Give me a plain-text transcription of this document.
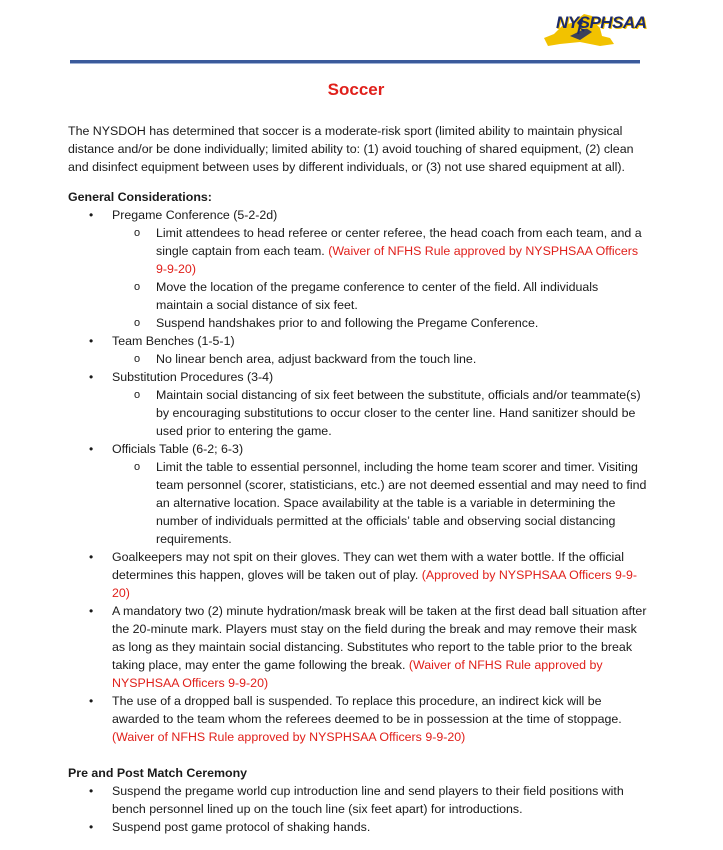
NYSPHSAA
Soccer

The NYSDOH has determined that soccer is a moderate-risk sport (limited ability to maintain physical distance and/or be done individually; limited ability to: (1) avoid touching of shared equipment, (2) clean and disinfect equipment between uses by different individuals, or (3) not use shared equipment at all).

General Considerations:

• Pregame Conference (5-2-2d)
o Limit attendees to head referee or center referee, the head coach from each team, and a single captain from each team. (Waiver of NFHS Rule approved by NYSPHSAA Officers 9-9-20)
o Move the location of the pregame conference to center of the field. All individuals maintain a social distance of six feet.
o Suspend handshakes prior to and following the Pregame Conference.
• Team Benches (1-5-1)
o No linear bench area, adjust backward from the touch line.
• Substitution Procedures (3-4)
o Maintain social distancing of six feet between the substitute, officials and/or teammate(s) by encouraging substitutions to occur closer to the center line. Hand sanitizer should be used prior to entering the game.
• Officials Table (6-2; 6-3)
o Limit the table to essential personnel, including the home team scorer and timer. Visiting team personnel (scorer, statisticians, etc.) are not deemed essential and may need to find an alternative location. Space availability at the table is a variable in determining the number of individuals permitted at the officials’ table and observing social distancing requirements.
• Goalkeepers may not spit on their gloves. They can wet them with a water bottle. If the official determines this happen, gloves will be taken out of play. (Approved by NYSPHSAA Officers 9-9-20)
• A mandatory two (2) minute hydration/mask break will be taken at the first dead ball situation after the 20-minute mark. Players must stay on the field during the break and may remove their mask as long as they maintain social distancing. Substitutes who report to the table prior to the break taking place, may enter the game following the break. (Waiver of NFHS Rule approved by NYSPHSAA Officers 9-9-20)
• The use of a dropped ball is suspended. To replace this procedure, an indirect kick will be awarded to the team whom the referees deemed to be in possession at the time of stoppage. (Waiver of NFHS Rule approved by NYSPHSAA Officers 9-9-20)

Pre and Post Match Ceremony

• Suspend the pregame world cup introduction line and send players to their field positions with bench personnel lined up on the touch line (six feet apart) for introductions.
• Suspend post game protocol of shaking hands.
